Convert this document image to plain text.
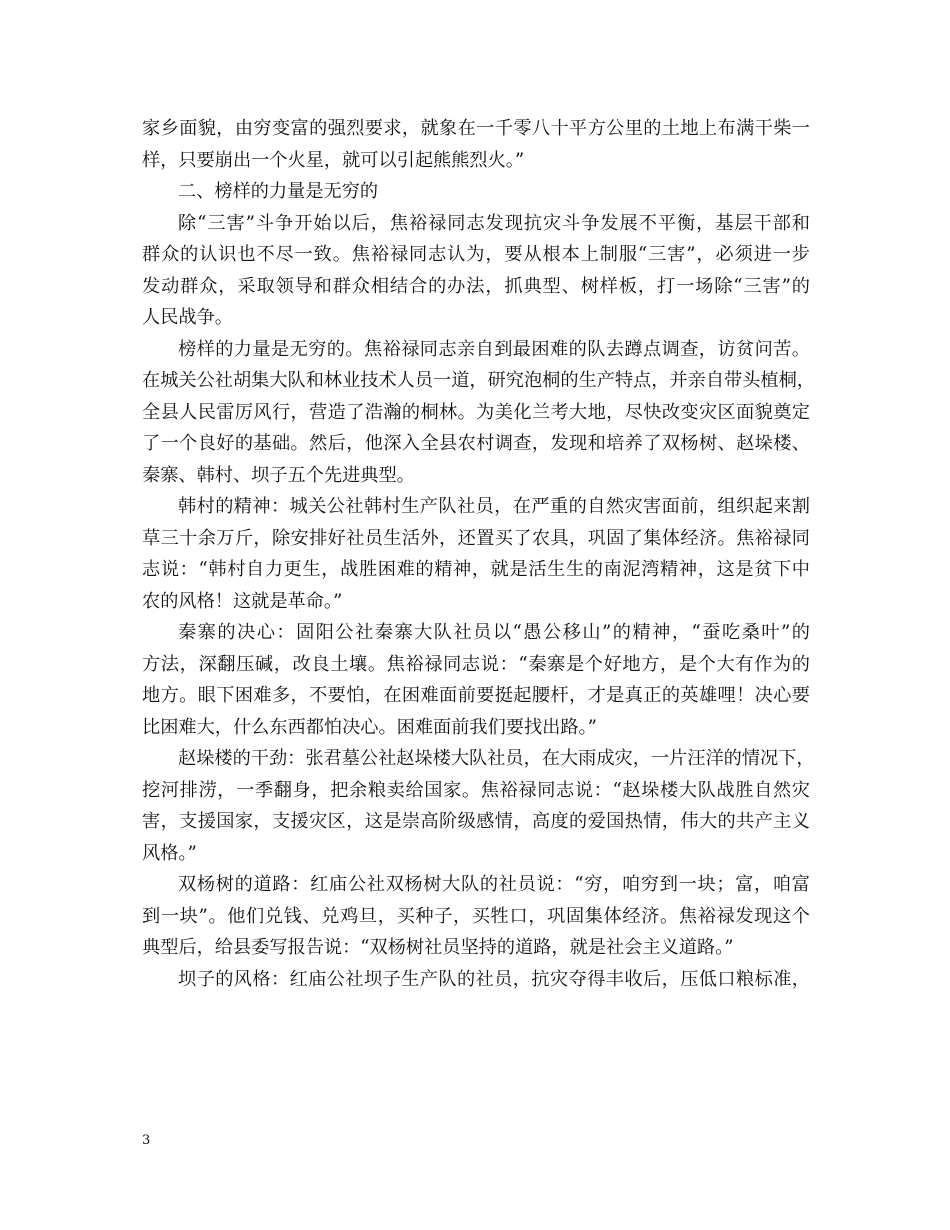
家乡面貌，由穷变富的强烈要求，就象在一千零八十平方公里的土地上布满干柴一
样，只要崩出一个火星，就可以引起熊熊烈火。”
二、榜样的力量是无穷的
除“三害”斗争开始以后，焦裕禄同志发现抗灾斗争发展不平衡，基层干部和
群众的认识也不尽一致。焦裕禄同志认为，要从根本上制服“三害”，必须进一步
发动群众，采取领导和群众相结合的办法，抓典型、树样板，打一场除“三害”的
人民战争。
榜样的力量是无穷的。焦裕禄同志亲自到最困难的队去蹲点调查，访贫问苦。
在城关公社胡集大队和林业技术人员一道，研究泡桐的生产特点，并亲自带头植桐，
全县人民雷厉风行，营造了浩瀚的桐林。为美化兰考大地，尽快改变灾区面貌奠定
了一个良好的基础。然后，他深入全县农村调查，发现和培养了双杨树、赵垛楼、
秦寨、韩村、坝子五个先进典型。
韩村的精神：城关公社韩村生产队社员，在严重的自然灾害面前，组织起来割
草三十余万斤，除安排好社员生活外，还置买了农具，巩固了集体经济。焦裕禄同
志说：“韩村自力更生，战胜困难的精神，就是活生生的南泥湾精神，这是贫下中
农的风格！这就是革命。”
秦寨的决心：固阳公社秦寨大队社员以“愚公移山”的精神，“蚕吃桑叶”的
方法，深翻压碱，改良土壤。焦裕禄同志说：“秦寨是个好地方，是个大有作为的
地方。眼下困难多，不要怕，在困难面前要挺起腰杆，才是真正的英雄哩！决心要
比困难大，什么东西都怕决心。困难面前我们要找出路。”
赵垛楼的干劲：张君墓公社赵垛楼大队社员，在大雨成灾，一片汪洋的情况下，
挖河排涝，一季翻身，把余粮卖给国家。焦裕禄同志说：“赵垛楼大队战胜自然灾
害，支援国家，支援灾区，这是崇高阶级感情，高度的爱国热情，伟大的共产主义
风格。”
双杨树的道路：红庙公社双杨树大队的社员说：“穷，咱穷到一块；富，咱富
到一块”。他们兑钱、兑鸡旦，买种子，买牲口，巩固集体经济。焦裕禄发现这个
典型后，给县委写报告说：“双杨树社员坚持的道路，就是社会主义道路。”
坝子的风格：红庙公社坝子生产队的社员，抗灾夺得丰收后，压低口粮标准，
3
